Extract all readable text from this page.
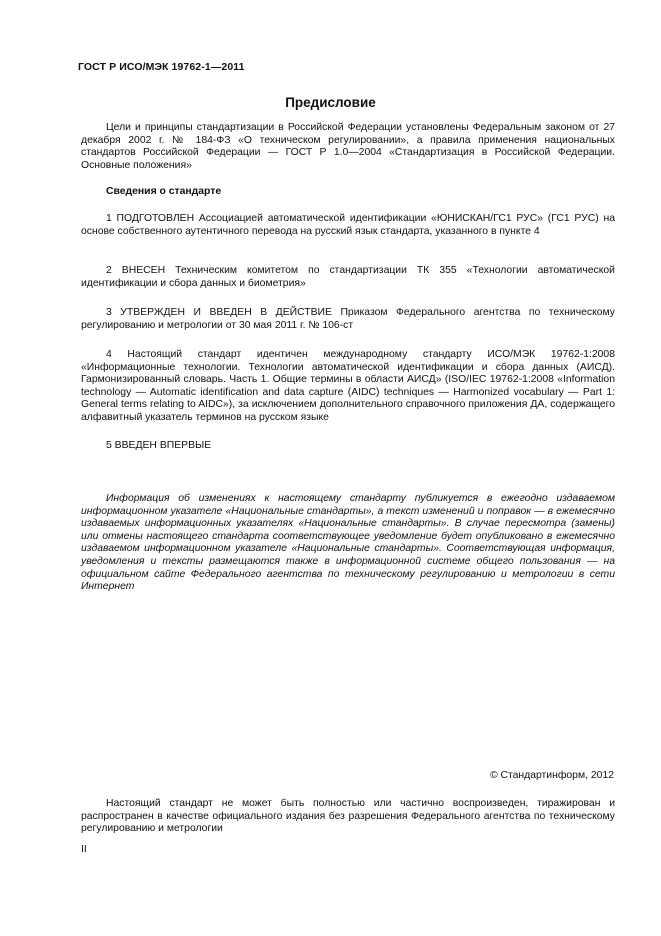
ГОСТ Р ИСО/МЭК 19762-1—2011
Предисловие

Цели и принципы стандартизации в Российской Федерации установлены Федеральным законом от 27 декабря 2002 г. № 184-ФЗ «О техническом регулировании», а правила применения национальных стандартов Российской Федерации — ГОСТ Р 1.0—2004 «Стандартизация в Российской Федерации. Основные положения»

Сведения о стандарте

1 ПОДГОТОВЛЕН Ассоциацией автоматической идентификации «ЮНИСКАН/ГС1 РУС» (ГС1 РУС) на основе собственного аутентичного перевода на русский язык стандарта, указанного в пункте 4

2 ВНЕСЕН Техническим комитетом по стандартизации ТК 355 «Технологии автоматической идентификации и сбора данных и биометрия»

3 УТВЕРЖДЕН И ВВЕДЕН В ДЕЙСТВИЕ Приказом Федерального агентства по техническому регулированию и метрологии от 30 мая 2011 г. № 106-ст

4 Настоящий стандарт идентичен международному стандарту ИСО/МЭК 19762-1:2008 «Информационные технологии. Технологии автоматической идентификации и сбора данных (АИСД). Гармонизированный словарь. Часть 1. Общие термины в области АИСД» (ISO/IEC 19762-1:2008 «Information technology — Automatic identification and data capture (AIDC) techniques — Harmonized vocabulary — Part 1: General terms relating to AIDC»), за исключением дополнительного справочного приложения ДА, содержащего алфавитный указатель терминов на русском языке

5 ВВЕДЕН ВПЕРВЫЕ

Информация об изменениях к настоящему стандарту публикуется в ежегодно издаваемом информационном указателе «Национальные стандарты», а текст изменений и поправок — в ежемесячно издаваемых информационных указателях «Национальные стандарты». В случае пересмотра (замены) или отмены настоящего стандарта соответствующее уведомление будет опубликовано в ежемесячно издаваемом информационном указателе «Национальные стандарты». Соответствующая информация, уведомления и тексты размещаются также в информационной системе общего пользования — на официальном сайте Федерального агентства по техническому регулированию и метрологии в сети Интернет

© Стандартинформ, 2012

Настоящий стандарт не может быть полностью или частично воспроизведен, тиражирован и распространен в качестве официального издания без разрешения Федерального агентства по техническому регулированию и метрологии

II
